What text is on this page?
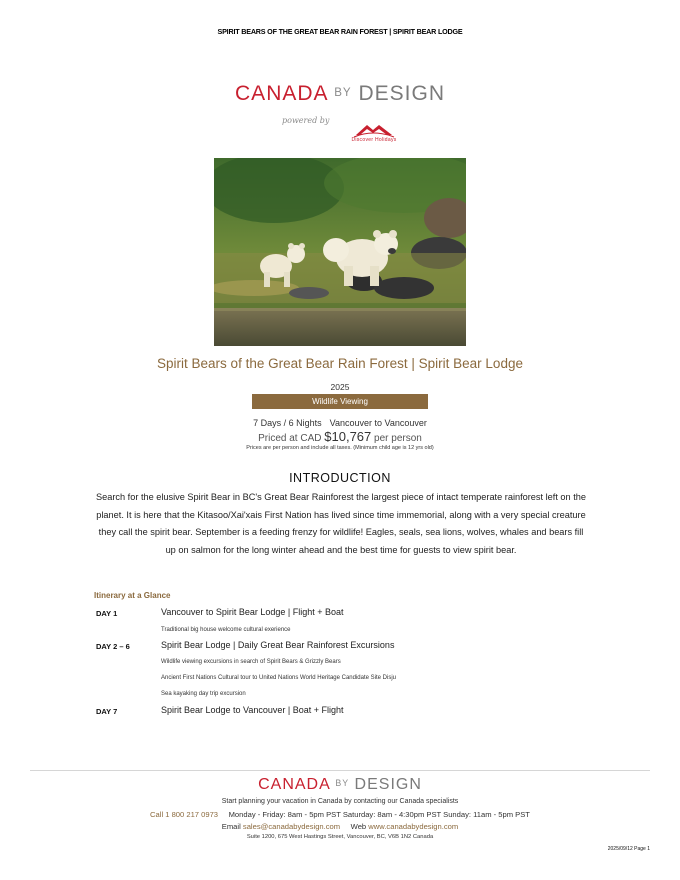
SPIRIT BEARS OF THE GREAT BEAR RAIN FOREST | SPIRIT BEAR LODGE
CANADA BY DESIGN
powered by
Discover Holidays
Spirit Bears of the Great Bear Rain Forest | Spirit Bear Lodge
2025
Wildlife Viewing
7 Days / 6 Nights Vancouver to Vancouver
Priced at CAD $10,767 per person
Prices are per person and include all taxes. (Minimum child age is 12 yrs old)
INTRODUCTION
Search for the elusive Spirit Bear in BC's Great Bear Rainforest the largest piece of intact temperate rainforest left on the planet. It is here that the Kitasoo/Xai'xais First Nation has lived since time immemorial, along with a very special creature they call the spirit bear. September is a feeding frenzy for wildlife! Eagles, seals, sea lions, wolves, whales and bears fill up on salmon for the long winter ahead and the best time for guests to view spirit bear.
Itinerary at a Glance
DAY 1	Vancouver to Spirit Bear Lodge | Flight + Boat
Traditional big house welcome cultural exerience
DAY 2 – 6	Spirit Bear Lodge | Daily Great Bear Rainforest Excursions
Wildlife viewing excursions in search of Spirit Bears & Grizzly Bears
Ancient First Nations Cultural tour to United Nations World Heritage Candidate Site Disju
Sea kayaking day trip excursion
DAY 7	Spirit Bear Lodge to Vancouver | Boat + Flight
CANADA BY DESIGN
Start planning your vacation in Canada by contacting our Canada specialists
Call 1 800 217 0973 Monday - Friday: 8am - 5pm PST Saturday: 8am - 4:30pm PST Sunday: 11am - 5pm PST
Email sales@canadabydesign.com Web www.canadabydesign.com
Suite 1200, 675 West Hastings Street, Vancouver, BC, V6B 1N2 Canada
2025/09/12 Page 1
